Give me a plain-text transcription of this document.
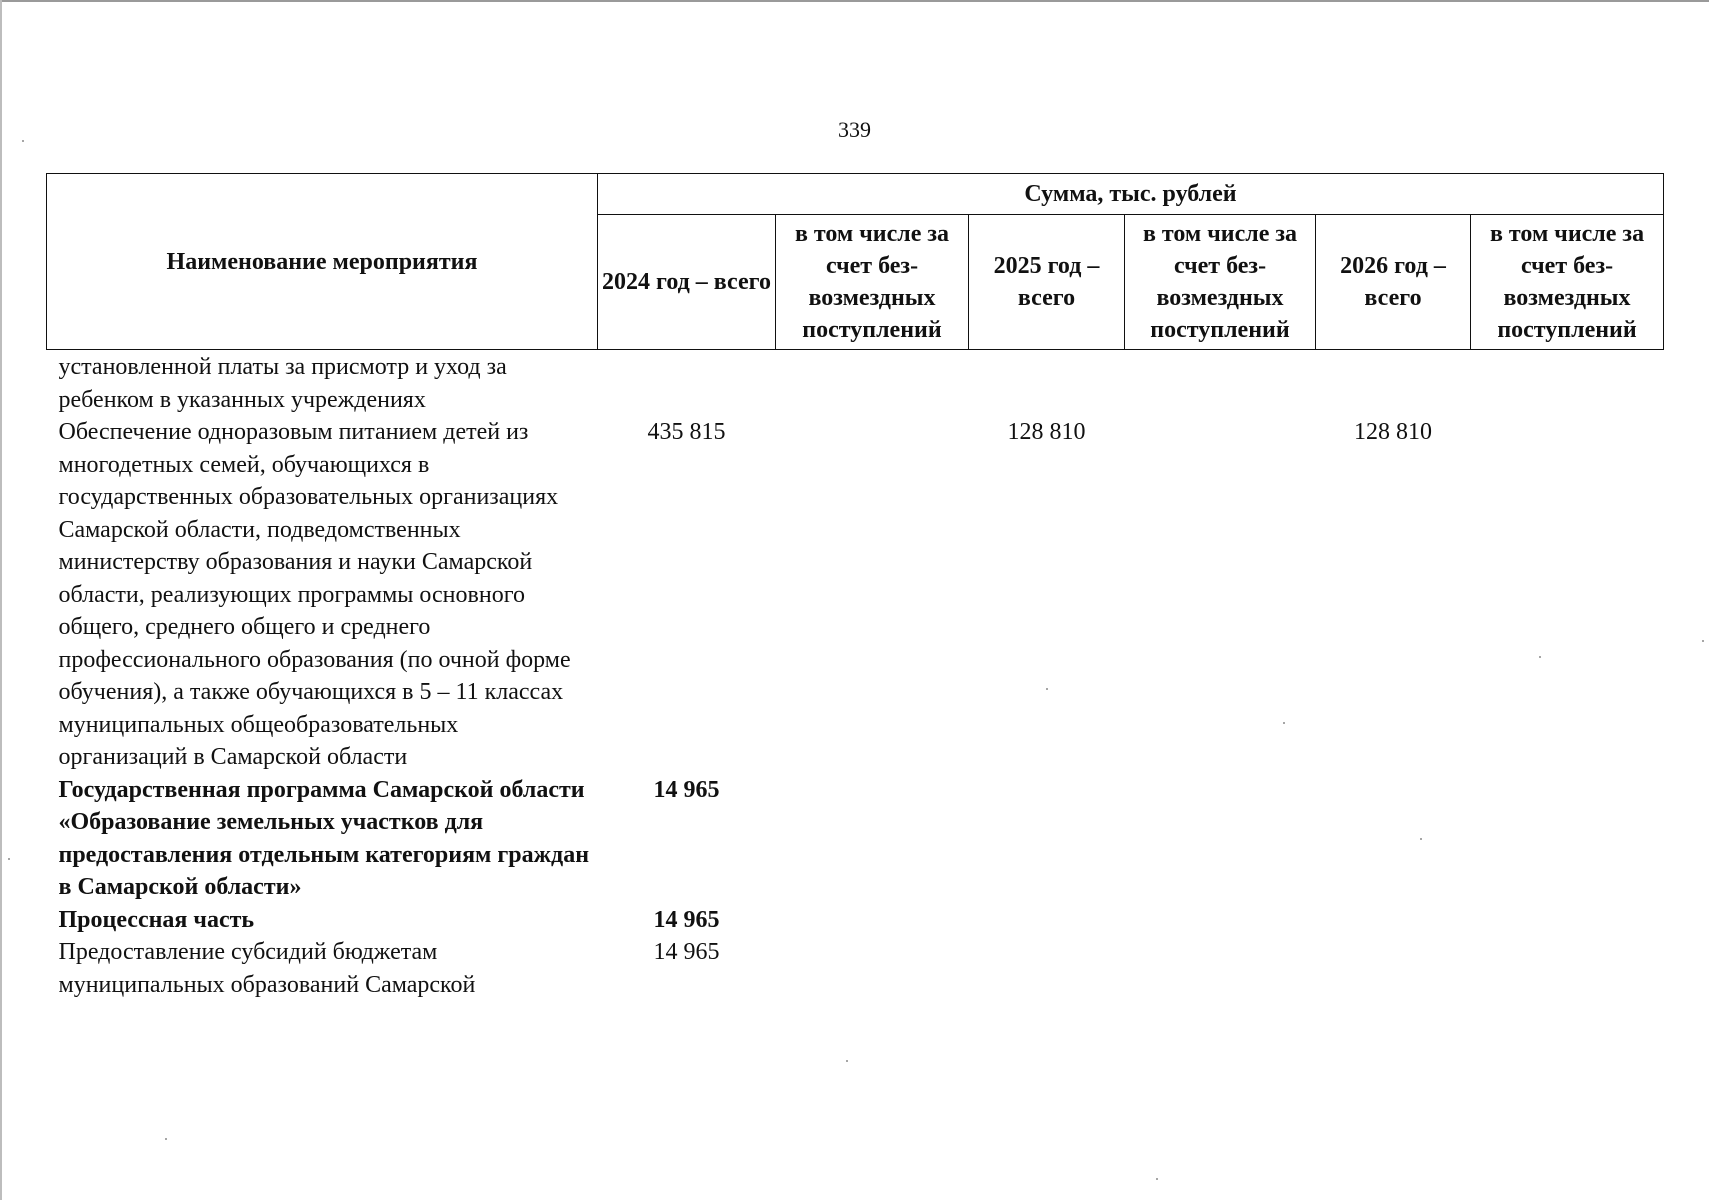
339
Наименование мероприятия	Сумма, тыс. рублей					
	2024 год – всего	в том числе за счет без-возмездных поступлений	2025 год – всего	в том числе за счет без-возмездных поступлений	2026 год – всего	в том числе за счет без-возмездных поступлений
установленной платы за присмотр и уход за ребенком в указанных учреждениях						
Обеспечение одноразовым питанием детей из многодетных семей, обучающихся в государственных образовательных организациях Самарской области, подведомственных министерству образования и науки Самарской области, реализующих программы основного общего, среднего общего и среднего профессионального образования (по очной форме обучения), а также обучающихся в 5 – 11 классах муниципальных общеобразовательных организаций в Самарской области	435 815		128 810		128 810	
Государственная программа Самарской области «Образование земельных участков для предоставления отдельным категориям граждан в Самарской области»	14 965					
Процессная часть	14 965					
Предоставление субсидий бюджетам муниципальных образований Самарской	14 965					
